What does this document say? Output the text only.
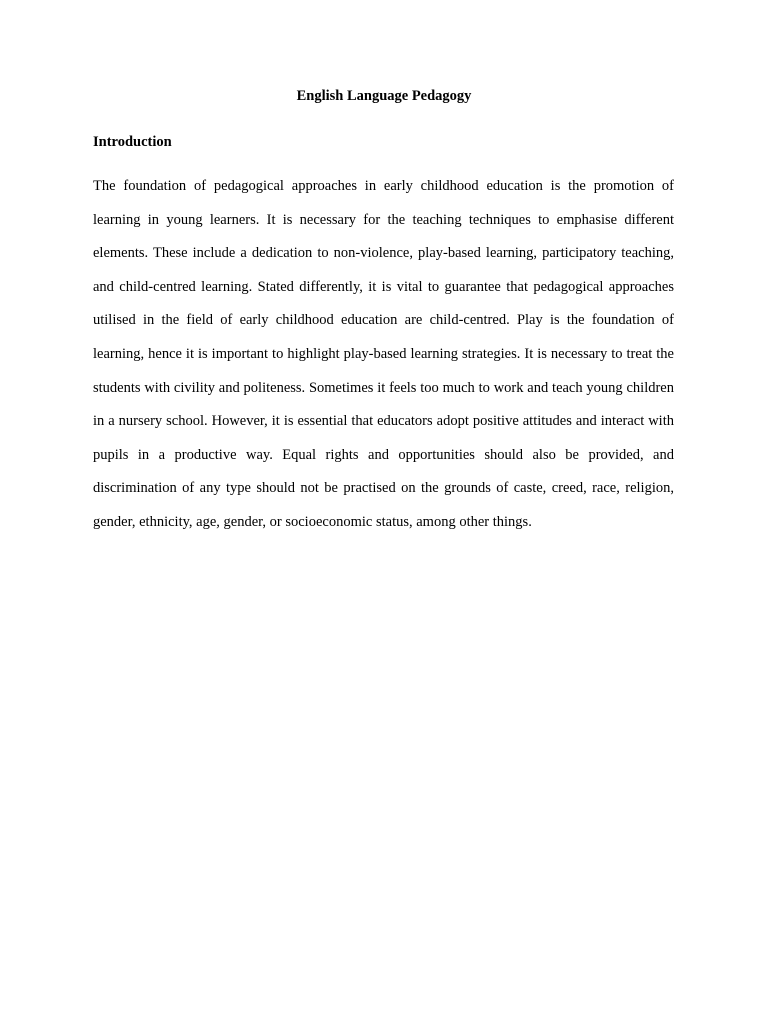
English Language Pedagogy
Introduction

The foundation of pedagogical approaches in early childhood education is the promotion of learning in young learners. It is necessary for the teaching techniques to emphasise different elements. These include a dedication to non-violence, play-based learning, participatory teaching, and child-centred learning. Stated differently, it is vital to guarantee that pedagogical approaches utilised in the field of early childhood education are child-centred. Play is the foundation of learning, hence it is important to highlight play-based learning strategies. It is necessary to treat the students with civility and politeness. Sometimes it feels too much to work and teach young children in a nursery school. However, it is essential that educators adopt positive attitudes and interact with pupils in a productive way. Equal rights and opportunities should also be provided, and discrimination of any type should not be practised on the grounds of caste, creed, race, religion, gender, ethnicity, age, gender, or socioeconomic status, among other things.
